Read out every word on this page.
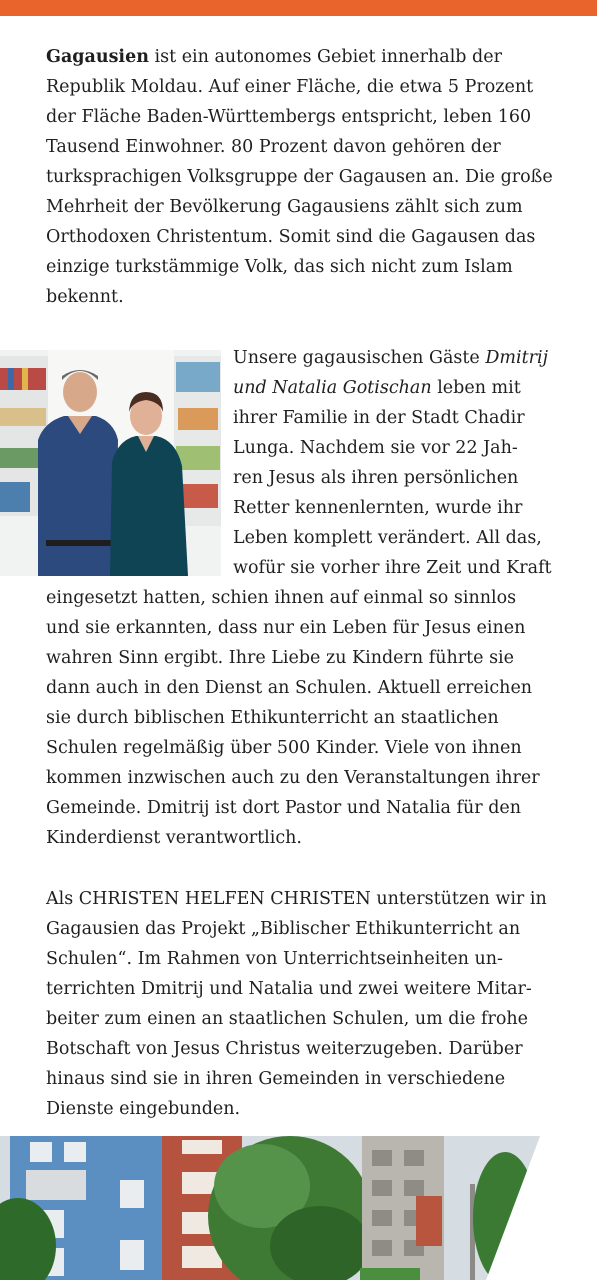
Gagausien ist ein autonomes Gebiet innerhalb der
Republik Moldau. Auf einer Fläche, die etwa 5 Prozent
der Fläche Baden-Württembergs entspricht, leben 160
Tausend Einwohner. 80 Prozent davon gehören der
turksprachigen Volksgruppe der Gagausen an. Die große
Mehrheit der Bevölkerung Gagausiens zählt sich zum
Orthodoxen Christentum. Somit sind die Gagausen das
einzige turkstämmige Volk, das sich nicht zum Islam
bekennt.
Unsere gagausischen Gäste Dmitrij
und Natalia Gotischan leben mit
ihrer Familie in der Stadt Chadir
Lunga. Nachdem sie vor 22 Jah-
ren Jesus als ihren persönlichen
Retter kennenlernten, wurde ihr
Leben komplett verändert. All das,
wofür sie vorher ihre Zeit und Kraft
eingesetzt hatten, schien ihnen auf einmal so sinnlos
und sie erkannten, dass nur ein Leben für Jesus einen
wahren Sinn ergibt. Ihre Liebe zu Kindern führte sie
dann auch in den Dienst an Schulen. Aktuell erreichen
sie durch biblischen Ethikunterricht an staatlichen
Schulen regelmäßig über 500 Kinder. Viele von ihnen
kommen inzwischen auch zu den Veranstaltungen ihrer
Gemeinde. Dmitrij ist dort Pastor und Natalia für den
Kinderdienst verantwortlich.
Als CHRISTEN HELFEN CHRISTEN unterstützen wir in
Gagausien das Projekt „Biblischer Ethikunterricht an
Schulen“. Im Rahmen von Unterrichtseinheiten un-
terrichten Dmitrij und Natalia und zwei weitere Mitar-
beiter zum einen an staatlichen Schulen, um die frohe
Botschaft von Jesus Christus weiterzugeben. Darüber
hinaus sind sie in ihren Gemeinden in verschiedene
Dienste eingebunden.
